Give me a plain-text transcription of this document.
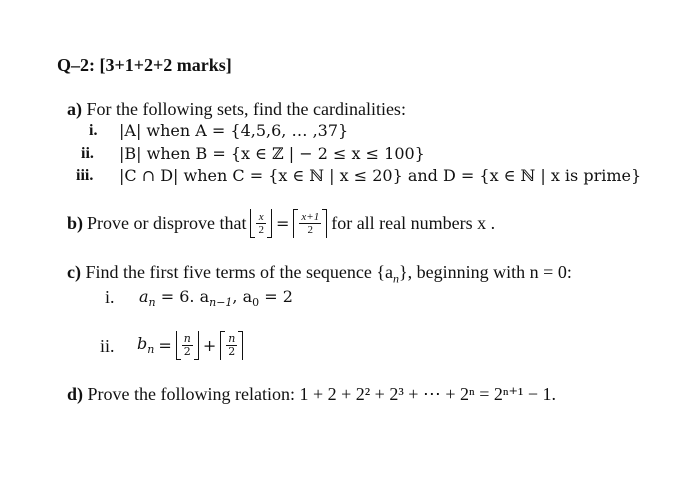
Q–2: [3+1+2+2 marks]
a) For the following sets, find the cardinalities:
i. |A| when A = {4,5,6, … ,37}
ii. |B| when B = {x ∈ ℤ | − 2 ≤ x ≤ 100}
iii. |C ∩ D| when C = {x ∈ ℕ | x ≤ 20} and D = {x ∈ ℕ | x is prime}
b) Prove or disprove that $\frac{x}{2} = \frac{x+1}{2}$ for all real numbers x .
c) Find the first five terms of the sequence $\{a_n\}$, beginning with n = 0:
i. $a_n = 6$. $a_{n-1}$, $a_0 = 2$
ii. $b_n = \frac{n}{2} + \frac{n}{2}$
d) Prove the following relation: 1 + 2 + 2² + 2³ + ⋯ + 2ⁿ = 2ⁿ⁺¹ − 1.
